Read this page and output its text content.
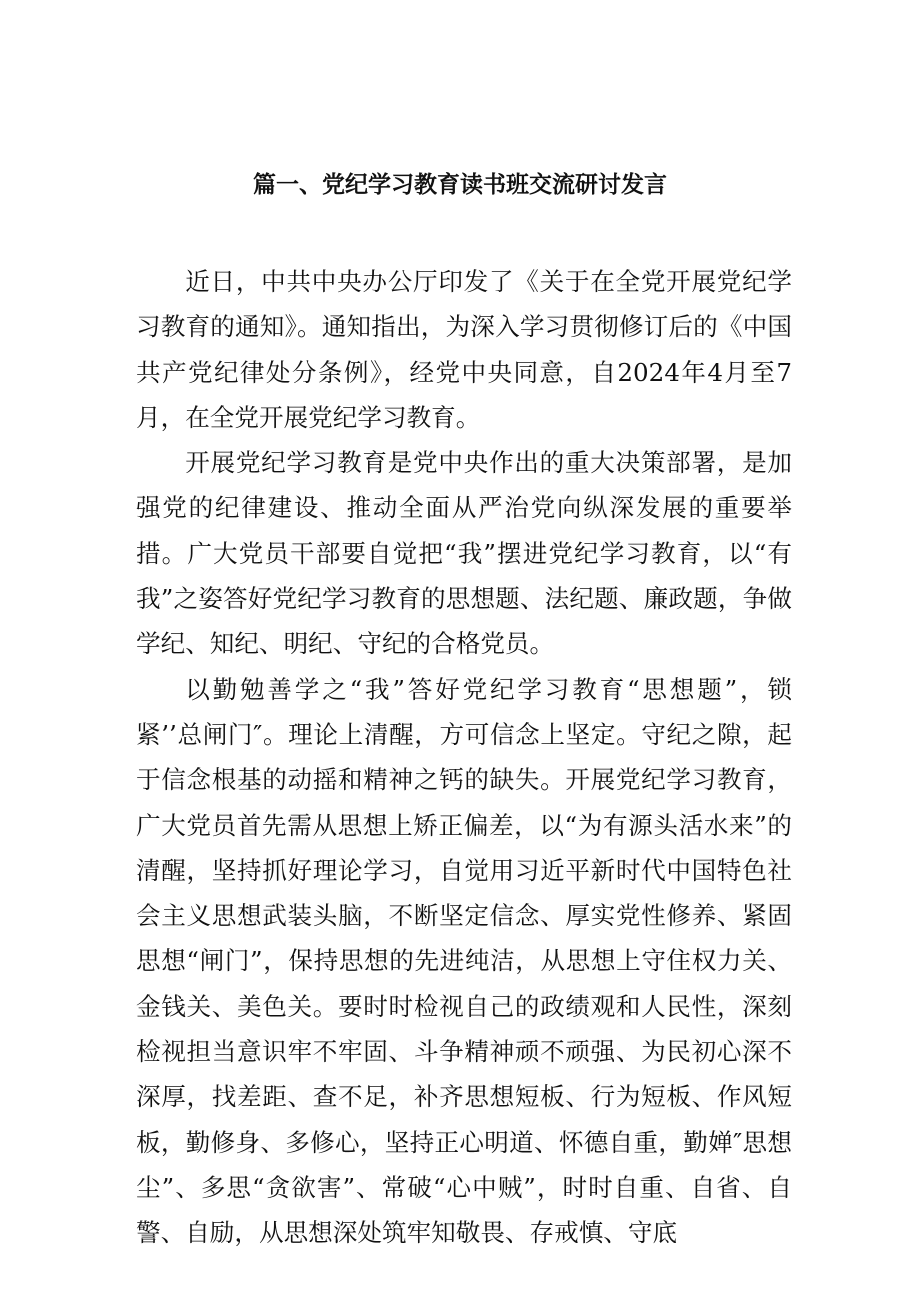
篇一、党纪学习教育读书班交流研讨发言

近日，中共中央办公厅印发了《关于在全党开展党纪学习教育的通知》。通知指出，为深入学习贯彻修订后的《中国共产党纪律处分条例》，经党中央同意，自2024年4月至7月，在全党开展党纪学习教育。

开展党纪学习教育是党中央作出的重大决策部署，是加强党的纪律建设、推动全面从严治党向纵深发展的重要举措。广大党员干部要自觉把“我”摆进党纪学习教育，以“有我”之姿答好党纪学习教育的思想题、法纪题、廉政题，争做学纪、知纪、明纪、守纪的合格党员。

以勤勉善学之“我”答好党纪学习教育“思想题”，锁紧’’总闸门″。理论上清醒，方可信念上坚定。守纪之隙，起于信念根基的动摇和精神之钙的缺失。开展党纪学习教育，广大党员首先需从思想上矫正偏差，以“为有源头活水来”的清醒，坚持抓好理论学习，自觉用习近平新时代中国特色社会主义思想武装头脑，不断坚定信念、厚实党性修养、紧固思想“闸门”，保持思想的先进纯洁，从思想上守住权力关、金钱关、美色关。要时时检视自己的政绩观和人民性，深刻检视担当意识牢不牢固、斗争精神顽不顽强、为民初心深不深厚，找差距、查不足，补齐思想短板、行为短板、作风短板，勤修身、多修心，坚持正心明道、怀德自重，勤婵″思想尘”、多思“贪欲害”、常破“心中贼”，时时自重、自省、自警、自励，从思想深处筑牢知敬畏、存戒慎、守底
